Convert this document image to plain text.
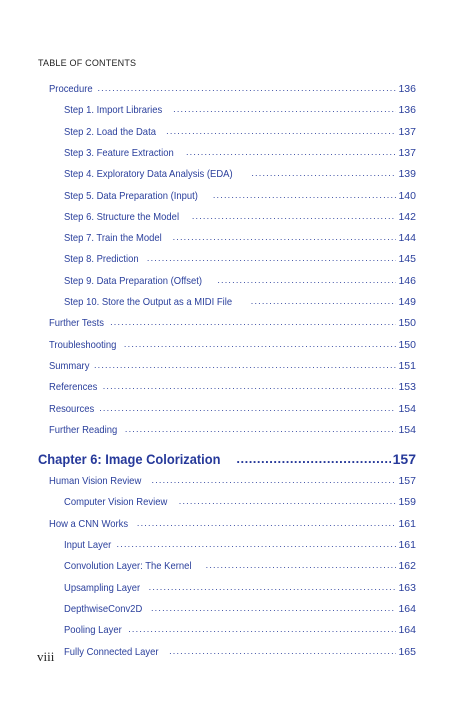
TABLE OF CONTENTS
Procedure .....	136
Step 1. Import Libraries .....	136
Step 2. Load the Data .....	137
Step 3. Feature Extraction .....	137
Step 4. Exploratory Data Analysis (EDA) .....	139
Step 5. Data Preparation (Input) .....	140
Step 6. Structure the Model .....	142
Step 7. Train the Model .....	144
Step 8. Prediction .....	145
Step 9. Data Preparation (Offset) .....	146
Step 10. Store the Output as a MIDI File .....	149
Further Tests .....	150
Troubleshooting .....	150
Summary .....	151
References .....	153
Resources .....	154
Further Reading .....	154
Chapter 6: Image Colorization .....	157
Human Vision Review .....	157
Computer Vision Review .....	159
How a CNN Works .....	161
Input Layer .....	161
Convolution Layer: The Kernel .....	162
Upsampling Layer .....	163
DepthwiseConv2D .....	164
Pooling Layer .....	164
Fully Connected Layer .....	165
viii
